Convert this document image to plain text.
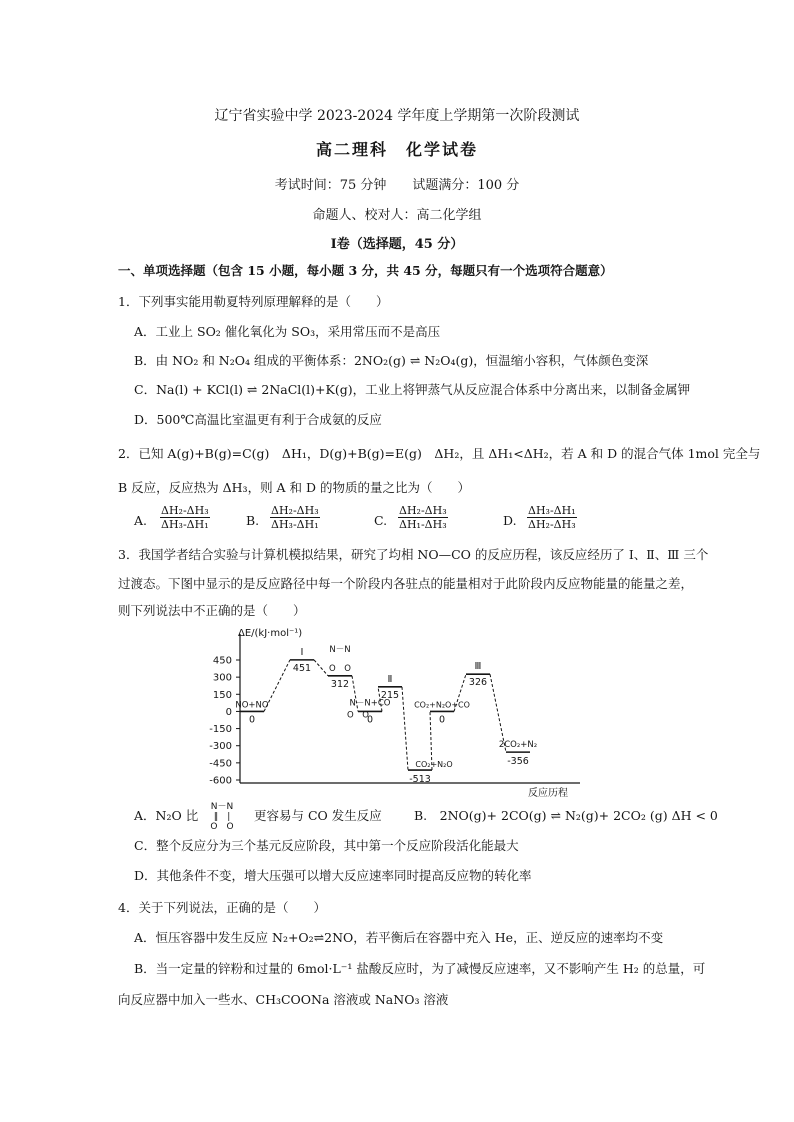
辽宁省实验中学 2023-2024 学年度上学期第一次阶段测试
高二理科　化学试卷
考试时间：75 分钟　　试题满分：100 分
命题人、校对人：高二化学组
Ⅰ卷（选择题，45 分）
一、单项选择题（包含 15 小题，每小题 3 分，共 45 分，每题只有一个选项符合题意）
1．下列事实能用勒夏特列原理解释的是（　　）
A．工业上 SO₂ 催化氧化为 SO₃，采用常压而不是高压
B．由 NO₂ 和 N₂O₄ 组成的平衡体系：2NO₂(g) ⇌ N₂O₄(g)，恒温缩小容积，气体颜色变深
C．Na(l) + KCl(l) ⇌ 2NaCl(l)+K(g)，工业上将钾蒸气从反应混合体系中分离出来，以制备金属钾
D．500℃高温比室温更有利于合成氨的反应
2．已知 A(g)+B(g)=C(g)　ΔH₁，D(g)+B(g)=E(g)　ΔH₂，且 ΔH₁<ΔH₂，若 A 和 D 的混合气体 1mol 完全与
B 反应，反应热为 ΔH₃，则 A 和 D 的物质的量之比为（　　）
A. $\frac{\text{ΔH₂-ΔH₃}}{\text{ΔH₃-ΔH₁}}$	B. $\frac{\text{ΔH₂-ΔH₃}}{\text{ΔH₃-ΔH₁}}$	C. $\frac{\text{ΔH₂-ΔH₃}}{\text{ΔH₁-ΔH₃}}$	D. $\frac{\text{ΔH₃-ΔH₁}}{\text{ΔH₂-ΔH₃}}$
3．我国学者结合实验与计算机模拟结果，研究了均相 NO—CO 的反应历程，该反应经历了 Ⅰ、Ⅱ、Ⅲ 三个
过渡态。下图中显示的是反应路径中每一个阶段内各驻点的能量相对于此阶段内反应物能量的能量之差，
则下列说法中不正确的是（　　）
ΔE/(kJ·mol⁻¹)
反应历程
450
300
150
0
-150
-300
-450
-600
0
451
312
0
215
-513
0
326
-356
NO+NO
Ⅰ	N－N
O　O
N－N+CO
O　O
Ⅱ
CO₂+N₂O
CO₂+N₂O+CO
Ⅲ
2CO₂+N₂
A．N₂O 比
N－N
‖　|
O　O
更容易与 CO 发生反应	B.　2NO(g)+ 2CO(g) ⇌ N₂(g)+ 2CO₂ (g) ΔH < 0
C．整个反应分为三个基元反应阶段，其中第一个反应阶段活化能最大
D．其他条件不变，增大压强可以增大反应速率同时提高反应物的转化率
4．关于下列说法，正确的是（　　）
A．恒压容器中发生反应 N₂+O₂⇌2NO，若平衡后在容器中充入 He，正、逆反应的速率均不变
B．当一定量的锌粉和过量的 6mol·L⁻¹ 盐酸反应时，为了减慢反应速率，又不影响产生 H₂ 的总量，可
向反应器中加入一些水、CH₃COONa 溶液或 NaNO₃ 溶液
